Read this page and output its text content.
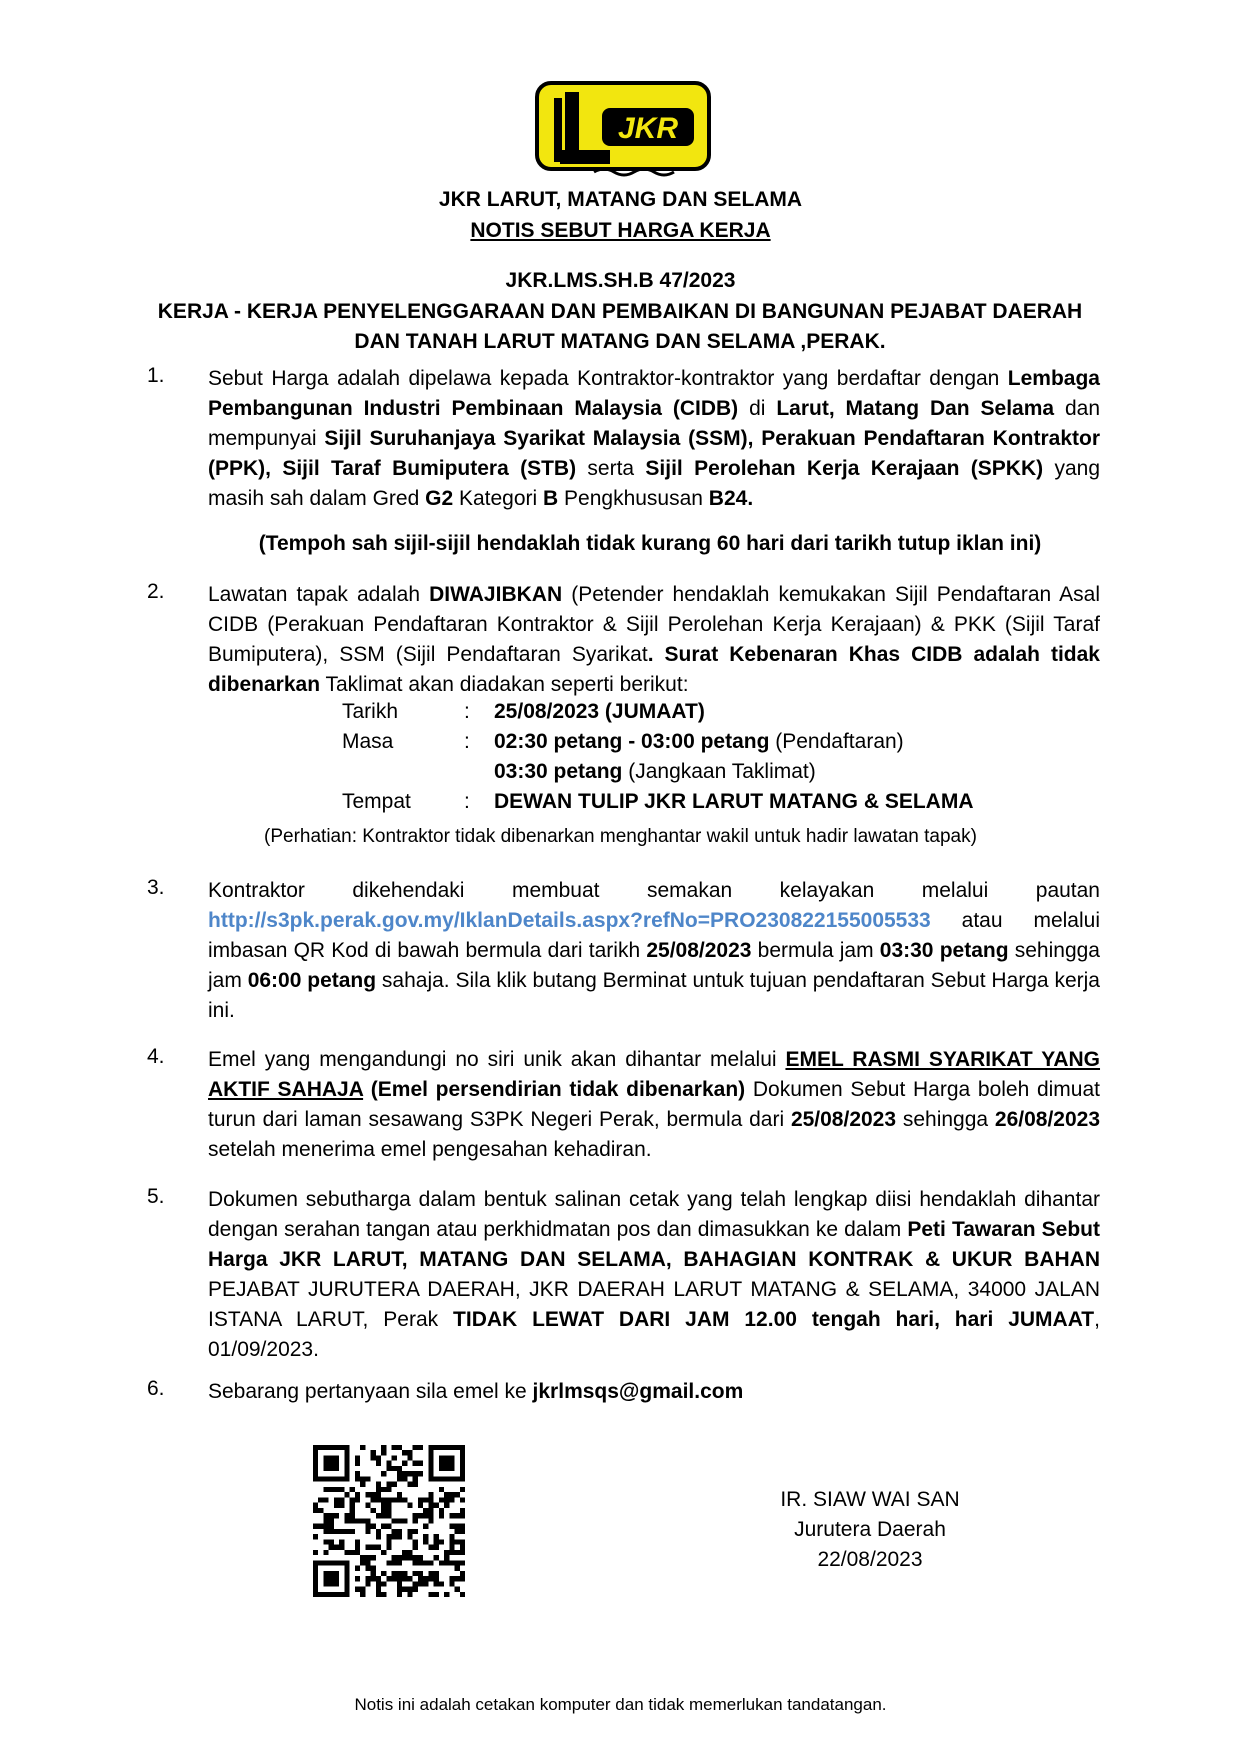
JKR
JKR LARUT, MATANG DAN SELAMA
NOTIS SEBUT HARGA KERJA
JKR.LMS.SH.B 47/2023
KERJA - KERJA PENYELENGGARAAN DAN PEMBAIKAN DI BANGUNAN PEJABAT DAERAH
DAN TANAH LARUT MATANG DAN SELAMA ,PERAK.
1.	Sebut Harga adalah dipelawa kepada Kontraktor-kontraktor yang berdaftar dengan Lembaga Pembangunan Industri Pembinaan Malaysia (CIDB) di Larut, Matang Dan Selama dan mempunyai Sijil Suruhanjaya Syarikat Malaysia (SSM), Perakuan Pendaftaran Kontraktor (PPK), Sijil Taraf Bumiputera (STB) serta Sijil Perolehan Kerja Kerajaan (SPKK) yang masih sah dalam Gred G2 Kategori B Pengkhususan B24.
(Tempoh sah sijil-sijil hendaklah tidak kurang 60 hari dari tarikh tutup iklan ini)
2.	Lawatan tapak adalah DIWAJIBKAN (Petender hendaklah kemukakan Sijil Pendaftaran Asal CIDB (Perakuan Pendaftaran Kontraktor & Sijil Perolehan Kerja Kerajaan) & PKK (Sijil Taraf Bumiputera), SSM (Sijil Pendaftaran Syarikat. Surat Kebenaran Khas CIDB adalah tidak dibenarkan Taklimat akan diadakan seperti berikut:
Tarikh	: 25/08/2023 (JUMAAT)
Masa	: 02:30 petang - 03:00 petang (Pendaftaran)
03:30 petang (Jangkaan Taklimat)
Tempat	: DEWAN TULIP JKR LARUT MATANG & SELAMA
(Perhatian: Kontraktor tidak dibenarkan menghantar wakil untuk hadir lawatan tapak)
3.	Kontraktor dikehendaki membuat semakan kelayakan melalui pautan http://s3pk.perak.gov.my/IklanDetails.aspx?refNo=PRO230822155005533 atau melalui imbasan QR Kod di bawah bermula dari tarikh 25/08/2023 bermula jam 03:30 petang sehingga jam 06:00 petang sahaja. Sila klik butang Berminat untuk tujuan pendaftaran Sebut Harga kerja ini.
4.	Emel yang mengandungi no siri unik akan dihantar melalui EMEL RASMI SYARIKAT YANG AKTIF SAHAJA (Emel persendirian tidak dibenarkan) Dokumen Sebut Harga boleh dimuat turun dari laman sesawang S3PK Negeri Perak, bermula dari 25/08/2023 sehingga 26/08/2023 setelah menerima emel pengesahan kehadiran.
5.	Dokumen sebutharga dalam bentuk salinan cetak yang telah lengkap diisi hendaklah dihantar dengan serahan tangan atau perkhidmatan pos dan dimasukkan ke dalam Peti Tawaran Sebut Harga JKR LARUT, MATANG DAN SELAMA, BAHAGIAN KONTRAK & UKUR BAHAN PEJABAT JURUTERA DAERAH, JKR DAERAH LARUT MATANG & SELAMA, 34000 JALAN ISTANA LARUT, Perak TIDAK LEWAT DARI JAM 12.00 tengah hari, hari JUMAAT, 01/09/2023.
6.	Sebarang pertanyaan sila emel ke jkrlmsqs@gmail.com
IR. SIAW WAI SAN
Jurutera Daerah
22/08/2023
Notis ini adalah cetakan komputer dan tidak memerlukan tandatangan.
